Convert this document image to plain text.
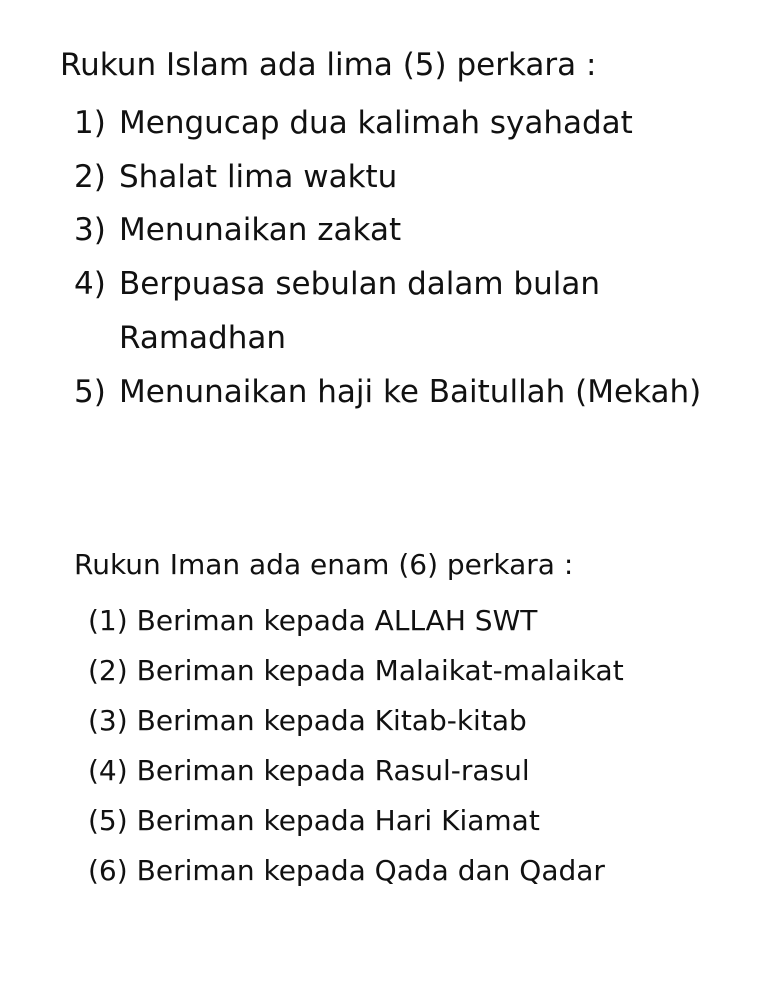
Rukun Islam ada lima (5) perkara :
1) Mengucap dua kalimah syahadat
2) Shalat lima waktu
3) Menunaikan zakat
4) Berpuasa sebulan dalam bulan
Ramadhan
5) Menunaikan haji ke Baitullah (Mekah)
Rukun Iman ada enam (6) perkara :
(1) Beriman kepada ALLAH SWT
(2) Beriman kepada Malaikat-malaikat
(3) Beriman kepada Kitab-kitab
(4) Beriman kepada Rasul-rasul
(5) Beriman kepada Hari Kiamat
(6) Beriman kepada Qada dan Qadar
